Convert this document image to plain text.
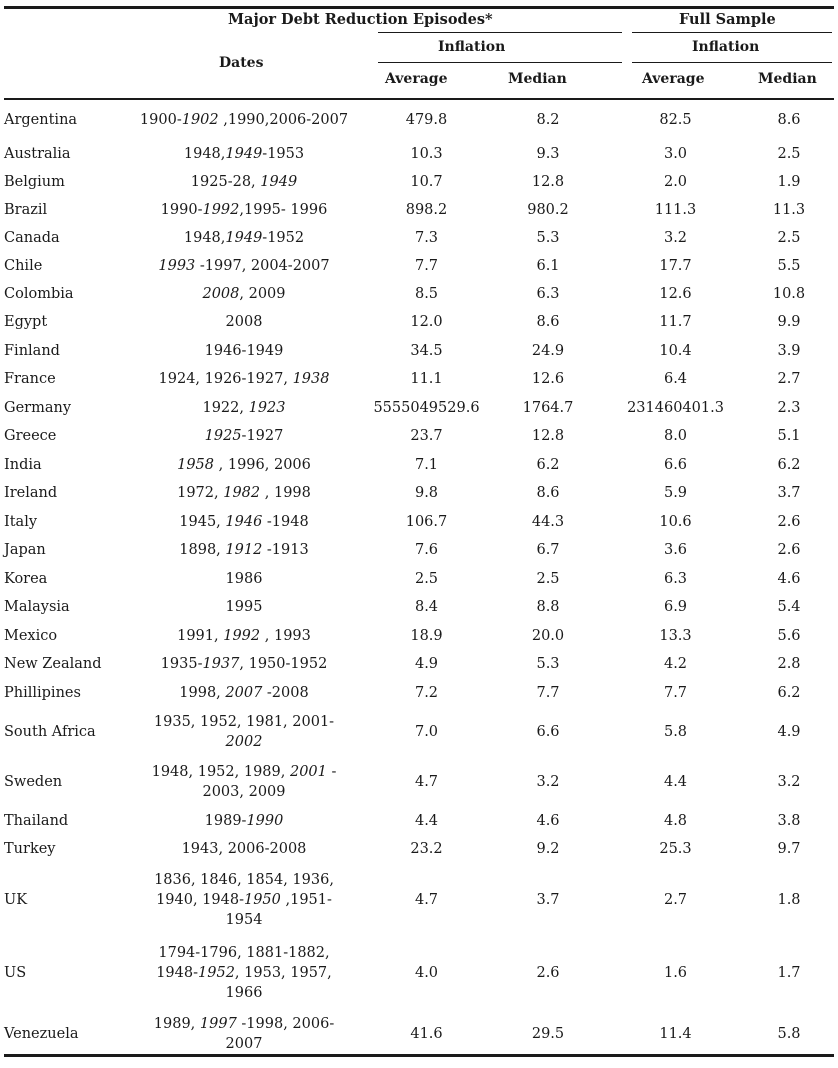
Major Debt Reduction Episodes*	Full Sample
Dates
Inflation	Inflation
Average	Median	Average	Median
Argentina	1900-1902 ,1990,2006-2007	479.8	8.2	82.5	8.6
Australia	1948,1949-1953	10.3	9.3	3.0	2.5
Belgium	1925-28, 1949	10.7	12.8	2.0	1.9
Brazil	1990-1992,1995- 1996	898.2	980.2	111.3	11.3
Canada	1948,1949-1952	7.3	5.3	3.2	2.5
Chile	1993 -1997, 2004-2007	7.7	6.1	17.7	5.5
Colombia	2008, 2009	8.5	6.3	12.6	10.8
Egypt	2008	12.0	8.6	11.7	9.9
Finland	1946-1949	34.5	24.9	10.4	3.9
France	1924, 1926-1927, 1938	11.1	12.6	6.4	2.7
Germany	1922, 1923	5555049529.6	1764.7	231460401.3	2.3
Greece	1925-1927	23.7	12.8	8.0	5.1
India	1958 , 1996, 2006	7.1	6.2	6.6	6.2
Ireland	1972, 1982 , 1998	9.8	8.6	5.9	3.7
Italy	1945, 1946 -1948	106.7	44.3	10.6	2.6
Japan	1898, 1912 -1913	7.6	6.7	3.6	2.6
Korea	1986	2.5	2.5	6.3	4.6
Malaysia	1995	8.4	8.8	6.9	5.4
Mexico	1991, 1992 , 1993	18.9	20.0	13.3	5.6
New Zealand	1935-1937, 1950-1952	4.9	5.3	4.2	2.8
Phillipines	1998, 2007 -2008	7.2	7.7	7.7	6.2
South Africa	1935, 1952, 1981, 2001-
2002	7.0	6.6	5.8	4.9
Sweden	1948, 1952, 1989, 2001 -
2003, 2009	4.7	3.2	4.4	3.2
Thailand	1989-1990	4.4	4.6	4.8	3.8
Turkey	1943, 2006-2008	23.2	9.2	25.3	9.7
UK	1836, 1846, 1854, 1936,
1940, 1948-1950 ,1951-
1954	4.7	3.7	2.7	1.8
US	1794-1796, 1881-1882,
1948-1952, 1953, 1957,
1966	4.0	2.6	1.6	1.7
Venezuela	1989, 1997 -1998, 2006-
2007	41.6	29.5	11.4	5.8
